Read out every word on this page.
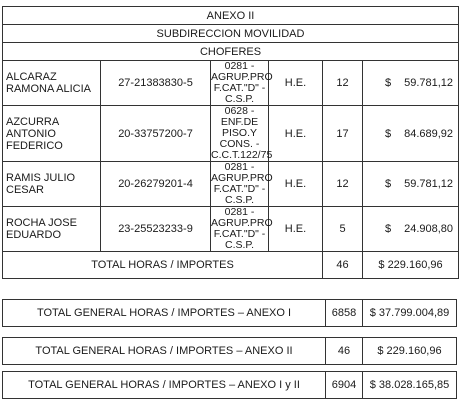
ANEXO II					
SUBDIRECCION MOVILIDAD					
CHOFERES					
ALCARAZ RAMONA ALICIA	27-21383830-5	0281 - AGRUP.PRO F.CAT."D" - C.S.P.	H.E.	12	$ 59.781,12
AZCURRA ANTONIO FEDERICO	20-33757200-7	0628 - ENF.DE PISO.Y CONS. - C.C.T.122/75	H.E.	17	$ 84.689,92
RAMIS JULIO CESAR	20-26279201-4	0281 - AGRUP.PRO F.CAT."D" - C.S.P.	H.E.	12	$ 59.781,12
ROCHA JOSE EDUARDO	23-25523233-9	0281 - AGRUP.PRO F.CAT."D" - C.S.P.	H.E.	5	$ 24.908,80
TOTAL HORAS / IMPORTES				46	$ 229.160,96
TOTAL GENERAL HORAS / IMPORTES – ANEXO I	6858	$ 37.799.004,89
TOTAL GENERAL HORAS / IMPORTES – ANEXO II	46	$ 229.160,96
TOTAL GENERAL HORAS / IMPORTES – ANEXO I y II	6904	$ 38.028.165,85
